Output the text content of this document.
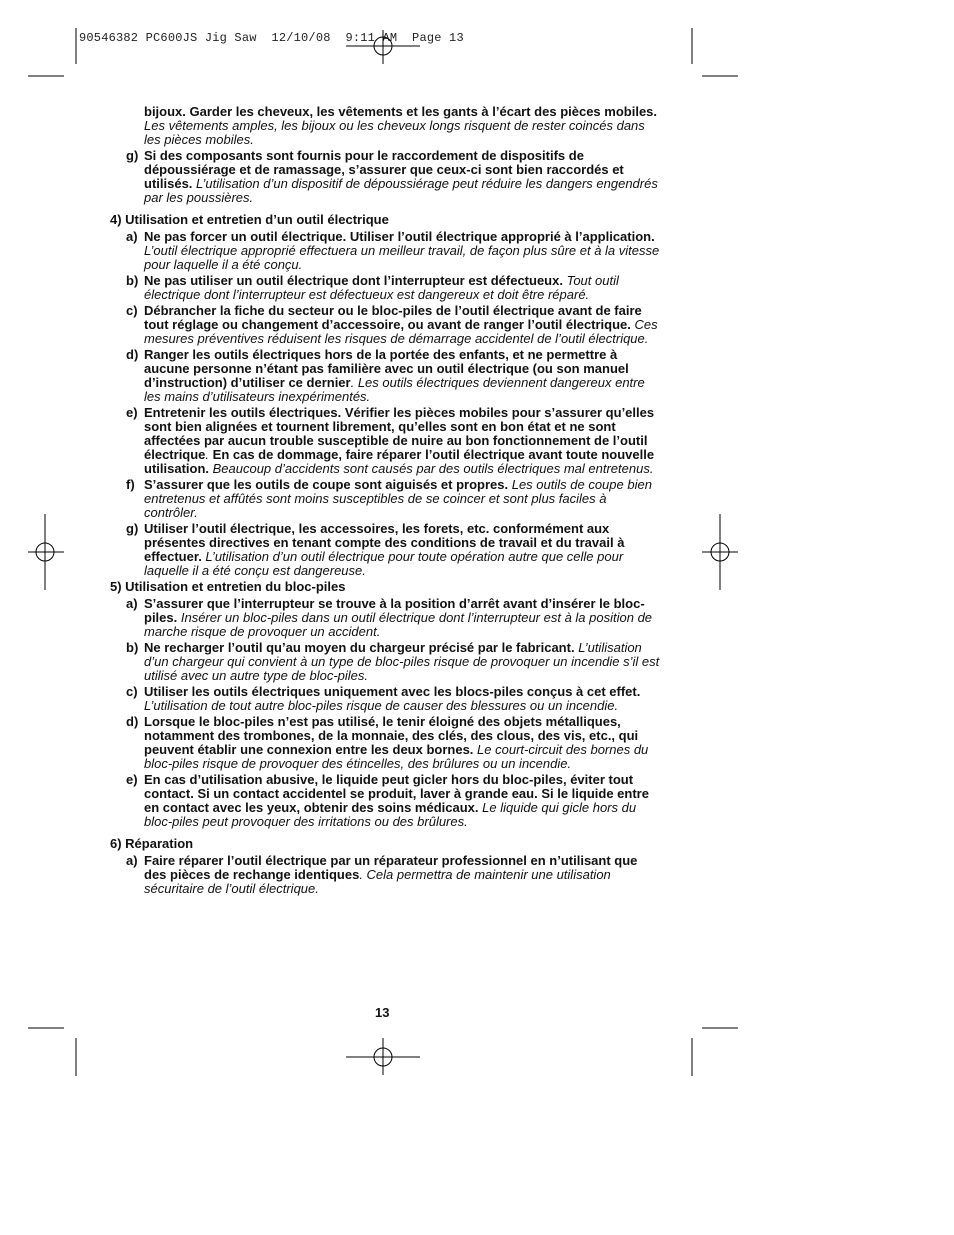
90546382 PC600JS Jig Saw  12/10/08  9:11 AM  Page 13
bijoux. Garder les cheveux, les vêtements et les gants à l’écart des pièces mobiles. Les vêtements amples, les bijoux ou les cheveux longs risquent de rester coincés dans les pièces mobiles.
g) Si des composants sont fournis pour le raccordement de dispositifs de dépoussiérage et de ramassage, s’assurer que ceux-ci sont bien raccordés et utilisés. L’utilisation d’un dispositif de dépoussiérage peut réduire les dangers engendrés par les poussières.
4) Utilisation et entretien d’un outil électrique
a) Ne pas forcer un outil électrique. Utiliser l’outil électrique approprié à l’application. L’outil électrique approprié effectuera un meilleur travail, de façon plus sûre et à la vitesse pour laquelle il a été conçu.
b) Ne pas utiliser un outil électrique dont l’interrupteur est défectueux. Tout outil électrique dont l’interrupteur est défectueux est dangereux et doit être réparé.
c) Débrancher la fiche du secteur ou le bloc-piles de l’outil électrique avant de faire tout réglage ou changement d’accessoire, ou avant de ranger l’outil électrique. Ces mesures préventives réduisent les risques de démarrage accidentel de l’outil électrique.
d) Ranger les outils électriques hors de la portée des enfants, et ne permettre à aucune personne n’étant pas familière avec un outil électrique (ou son manuel d’instruction) d’utiliser ce dernier. Les outils électriques deviennent dangereux entre les mains d’utilisateurs inexpérimentés.
e) Entretenir les outils électriques. Vérifier les pièces mobiles pour s’assurer qu’elles sont bien alignées et tournent librement, qu’elles sont en bon état et ne sont affectées par aucun trouble susceptible de nuire au bon fonctionnement de l’outil électrique. En cas de dommage, faire réparer l’outil électrique avant toute nouvelle utilisation. Beaucoup d’accidents sont causés par des outils électriques mal entretenus.
f) S’assurer que les outils de coupe sont aiguisés et propres. Les outils de coupe bien entretenus et affûtés sont moins susceptibles de se coincer et sont plus faciles à contrôler.
g) Utiliser l’outil électrique, les accessoires, les forets, etc. conformément aux présentes directives en tenant compte des conditions de travail et du travail à effectuer. L’utilisation d’un outil électrique pour toute opération autre que celle pour laquelle il a été conçu est dangereuse.
5) Utilisation et entretien du bloc-piles
a) S’assurer que l’interrupteur se trouve à la position d’arrêt avant d’insérer le bloc-piles. Insérer un bloc-piles dans un outil électrique dont l’interrupteur est à la position de marche risque de provoquer un accident.
b) Ne recharger l’outil qu’au moyen du chargeur précisé par le fabricant. L’utilisation d’un chargeur qui convient à un type de bloc-piles risque de provoquer un incendie s’il est utilisé avec un autre type de bloc-piles.
c) Utiliser les outils électriques uniquement avec les blocs-piles conçus à cet effet. L’utilisation de tout autre bloc-piles risque de causer des blessures ou un incendie.
d) Lorsque le bloc-piles n’est pas utilisé, le tenir éloigné des objets métalliques, notamment des trombones, de la monnaie, des clés, des clous, des vis, etc., qui peuvent établir une connexion entre les deux bornes. Le court-circuit des bornes du bloc-piles risque de provoquer des étincelles, des brûlures ou un incendie.
e) En cas d’utilisation abusive, le liquide peut gicler hors du bloc-piles, éviter tout contact. Si un contact accidentel se produit, laver à grande eau. Si le liquide entre en contact avec les yeux, obtenir des soins médicaux. Le liquide qui gicle hors du bloc-piles peut provoquer des irritations ou des brûlures.
6) Réparation
a) Faire réparer l’outil électrique par un réparateur professionnel en n’utilisant que des pièces de rechange identiques. Cela permettra de maintenir une utilisation sécuritaire de l’outil électrique.
13
